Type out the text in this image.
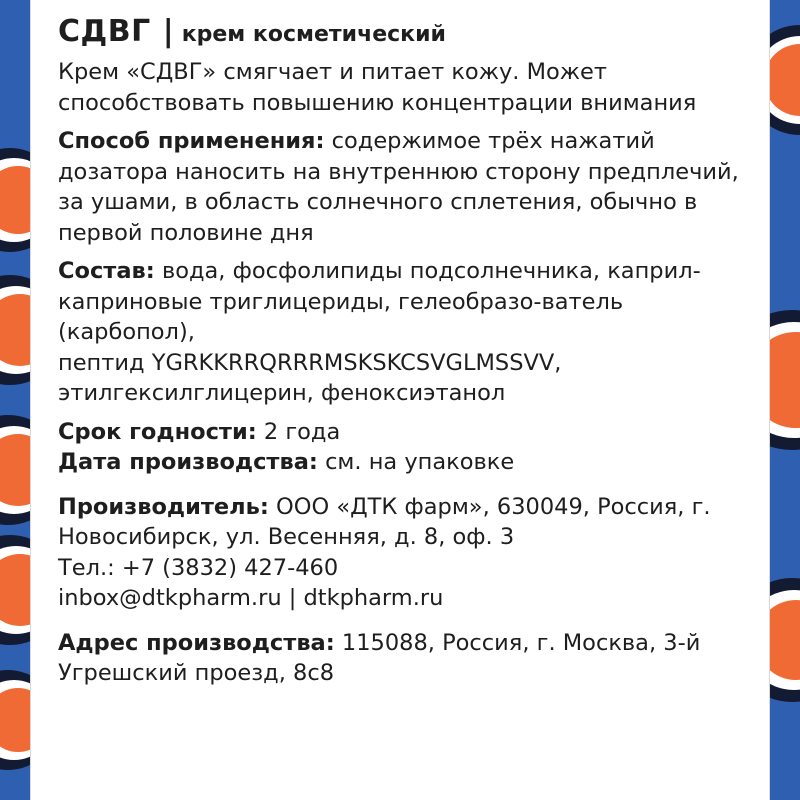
СДВГ | крем косметический
Крем «СДВГ» смягчает и питает кожу. Может способствовать повышению концентрации внимания
Способ применения: содержимое трёх нажатий дозатора наносить на внутреннюю сторону предплечий, за ушами, в область солнечного сплетения, обычно в первой половине дня
Состав: вода, фосфолипиды подсолнечника, каприл-каприновые триглицериды, гелеобразо-ватель (карбопол),
пептид YGRKKRRQRRRMSKSKCSVGLMSSVV,
этилгексилглицерин, феноксиэтанол
Срок годности: 2 года
Дата производства: см. на упаковке
Производитель: ООО «ДТК фарм», 630049, Россия, г. Новосибирск, ул. Весенняя, д. 8, оф. 3
Тел.: +7 (3832) 427-460
inbox@dtkpharm.ru | dtkpharm.ru
Адрес производства: 115088, Россия, г. Москва, 3-й Угрешский проезд, 8с8
